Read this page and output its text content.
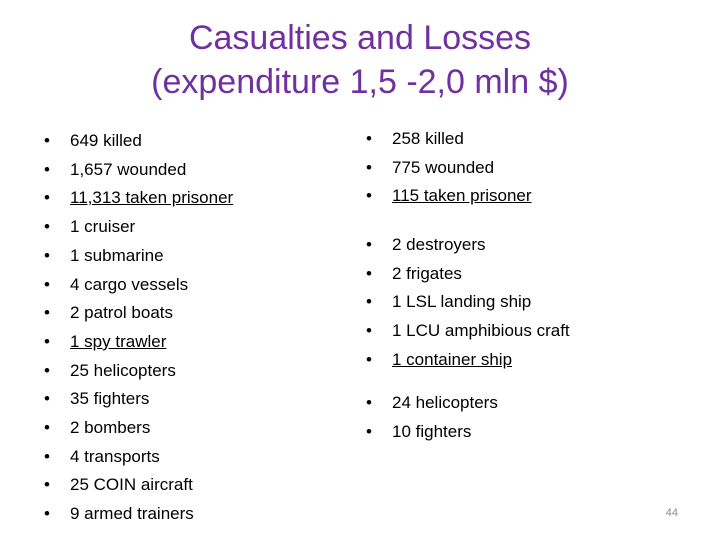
Casualties and Losses
(expenditure 1,5 -2,0 mln $)
• 649 killed
• 1,657 wounded
• 11,313 taken prisoner
• 1 cruiser
• 1 submarine
• 4 cargo vessels
• 2 patrol boats
• 1 spy trawler
• 25 helicopters
• 35 fighters
• 2 bombers
• 4 transports
• 25 COIN aircraft
• 9 armed trainers
• 258 killed
• 775 wounded
• 115 taken prisoner
• 2 destroyers
• 2 frigates
• 1 LSL landing ship
• 1 LCU amphibious craft
• 1 container ship
• 24 helicopters
• 10 fighters
44
